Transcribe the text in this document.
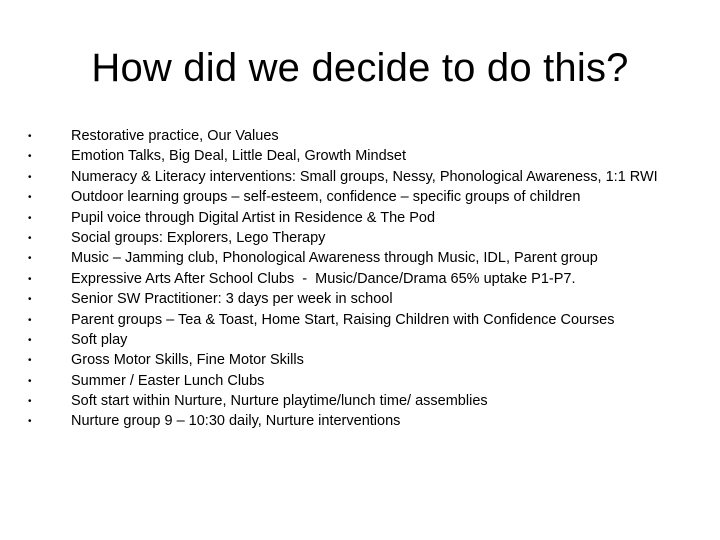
How did we decide to do this?
•	Restorative practice, Our Values
•	Emotion Talks, Big Deal, Little Deal, Growth Mindset
•	Numeracy & Literacy interventions: Small groups, Nessy, Phonological Awareness, 1:1 RWI
•	Outdoor learning groups – self-esteem, confidence – specific groups of children
•	Pupil voice through Digital Artist in Residence & The Pod
•	Social groups: Explorers, Lego Therapy
•	Music – Jamming club, Phonological Awareness through Music, IDL, Parent group
•	Expressive Arts After School Clubs  -  Music/Dance/Drama 65% uptake P1-P7.
•	Senior SW Practitioner: 3 days per week in school
•	Parent groups – Tea & Toast, Home Start, Raising Children with Confidence Courses
•	Soft play
•	Gross Motor Skills, Fine Motor Skills
•	Summer / Easter Lunch Clubs
•	Soft start within Nurture, Nurture playtime/lunch time/ assemblies
•	Nurture group 9 – 10:30 daily, Nurture interventions
